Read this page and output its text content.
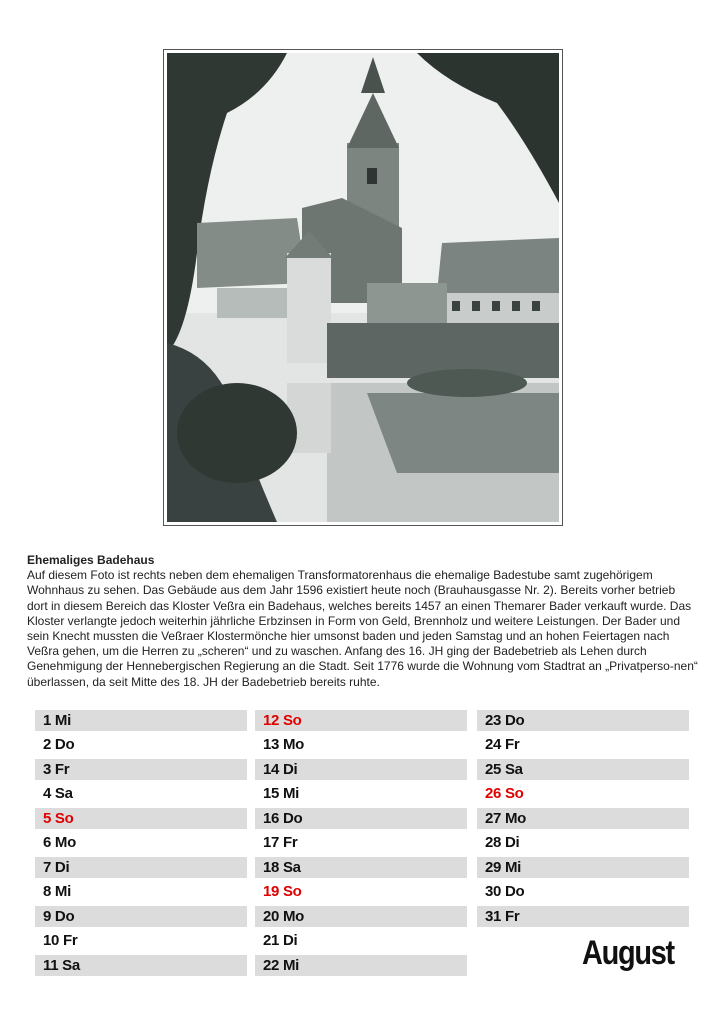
Ehemaliges Badehaus
Auf diesem Foto ist rechts neben dem ehemaligen Transformatorenhaus die ehemalige Badestube samt zugehörigem Wohnhaus zu sehen. Das Gebäude aus dem Jahr 1596 existiert heute noch (Brauhausgasse Nr. 2). Bereits vorher betrieb dort in diesem Bereich das Kloster Veßra ein Badehaus, welches bereits 1457 an einen Themarer Bader verkauft wurde. Das Kloster verlangte jedoch weiterhin jährliche Erbzinsen in Form von Geld, Brennholz und weitere Leistungen. Der Bader und sein Knecht mussten die Veßraer Klostermönche hier umsonst baden und jeden Samstag und an hohen Feiertagen nach Veßra gehen, um die Herren zu „scheren“ und zu waschen. Anfang des 16. JH ging der Badebetrieb als Lehen durch Genehmigung der Hennebergischen Regierung an die Stadt. Seit 1776 wurde die Wohnung vom Stadtrat an „Privatperso-nen“ überlassen, da seit Mitte des 18. JH der Badebetrieb bereits ruhte.
1 Mi
2 Do
3 Fr
4 Sa
5 So
6 Mo
7 Di
8 Mi
9 Do
10 Fr
11 Sa
12 So
13 Mo
14 Di
15 Mi
16 Do
17 Fr
18 Sa
19 So
20 Mo
21 Di
22 Mi
23 Do
24 Fr
25 Sa
26 So
27 Mo
28 Di
29 Mi
30 Do
31 Fr
August
